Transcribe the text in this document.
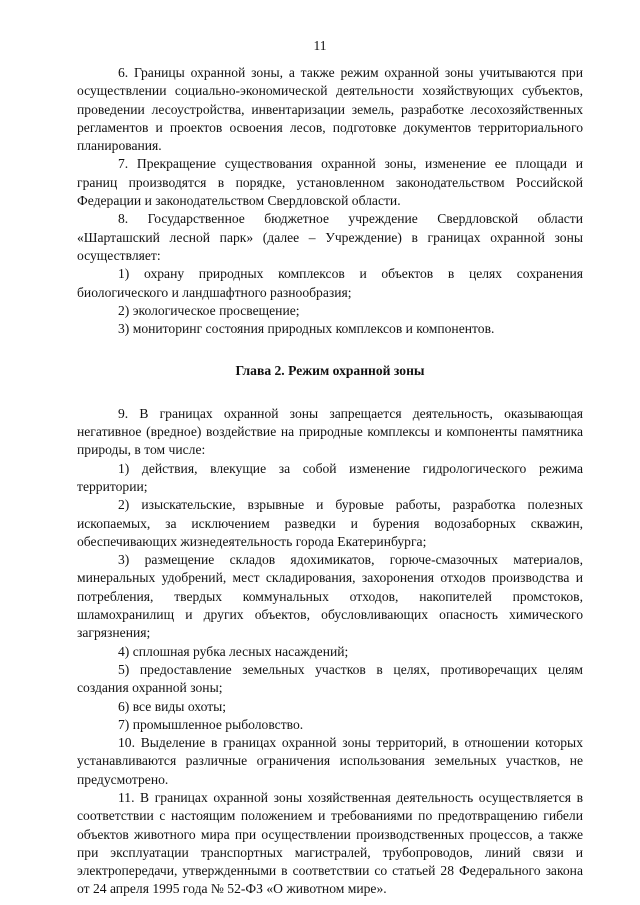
11

6. Границы охранной зоны, а также режим охранной зоны учитываются при осуществлении социально-экономической деятельности хозяйствующих субъектов, проведении лесоустройства, инвентаризации земель, разработке лесохозяйственных регламентов и проектов освоения лесов, подготовке документов территориального планирования.

7. Прекращение существования охранной зоны, изменение ее площади и границ производятся в порядке, установленном законодательством Российской Федерации и законодательством Свердловской области.

8. Государственное бюджетное учреждение Свердловской области «Шарташский лесной парк» (далее – Учреждение) в границах охранной зоны осуществляет:

1) охрану природных комплексов и объектов в целях сохранения биологического и ландшафтного разнообразия;

2) экологическое просвещение;

3) мониторинг состояния природных комплексов и компонентов.

Глава 2. Режим охранной зоны

9. В границах охранной зоны запрещается деятельность, оказывающая негативное (вредное) воздействие на природные комплексы и компоненты памятника природы, в том числе:

1) действия, влекущие за собой изменение гидрологического режима территории;

2) изыскательские, взрывные и буровые работы, разработка полезных ископаемых, за исключением разведки и бурения водозаборных скважин, обеспечивающих жизнедеятельность города Екатеринбурга;

3) размещение складов ядохимикатов, горюче-смазочных материалов, минеральных удобрений, мест складирования, захоронения отходов производства и потребления, твердых коммунальных отходов, накопителей промстоков, шламохранилищ и других объектов, обусловливающих опасность химического загрязнения;

4) сплошная рубка лесных насаждений;

5) предоставление земельных участков в целях, противоречащих целям создания охранной зоны;

6) все виды охоты;

7) промышленное рыболовство.

10. Выделение в границах охранной зоны территорий, в отношении которых устанавливаются различные ограничения использования земельных участков, не предусмотрено.

11. В границах охранной зоны хозяйственная деятельность осуществляется в соответствии с настоящим положением и требованиями по предотвращению гибели объектов животного мира при осуществлении производственных процессов, а также при эксплуатации транспортных магистралей, трубопроводов, линий связи и электропередачи, утвержденными в соответствии со статьей 28 Федерального закона от 24 апреля 1995 года № 52-ФЗ «О животном мире».
